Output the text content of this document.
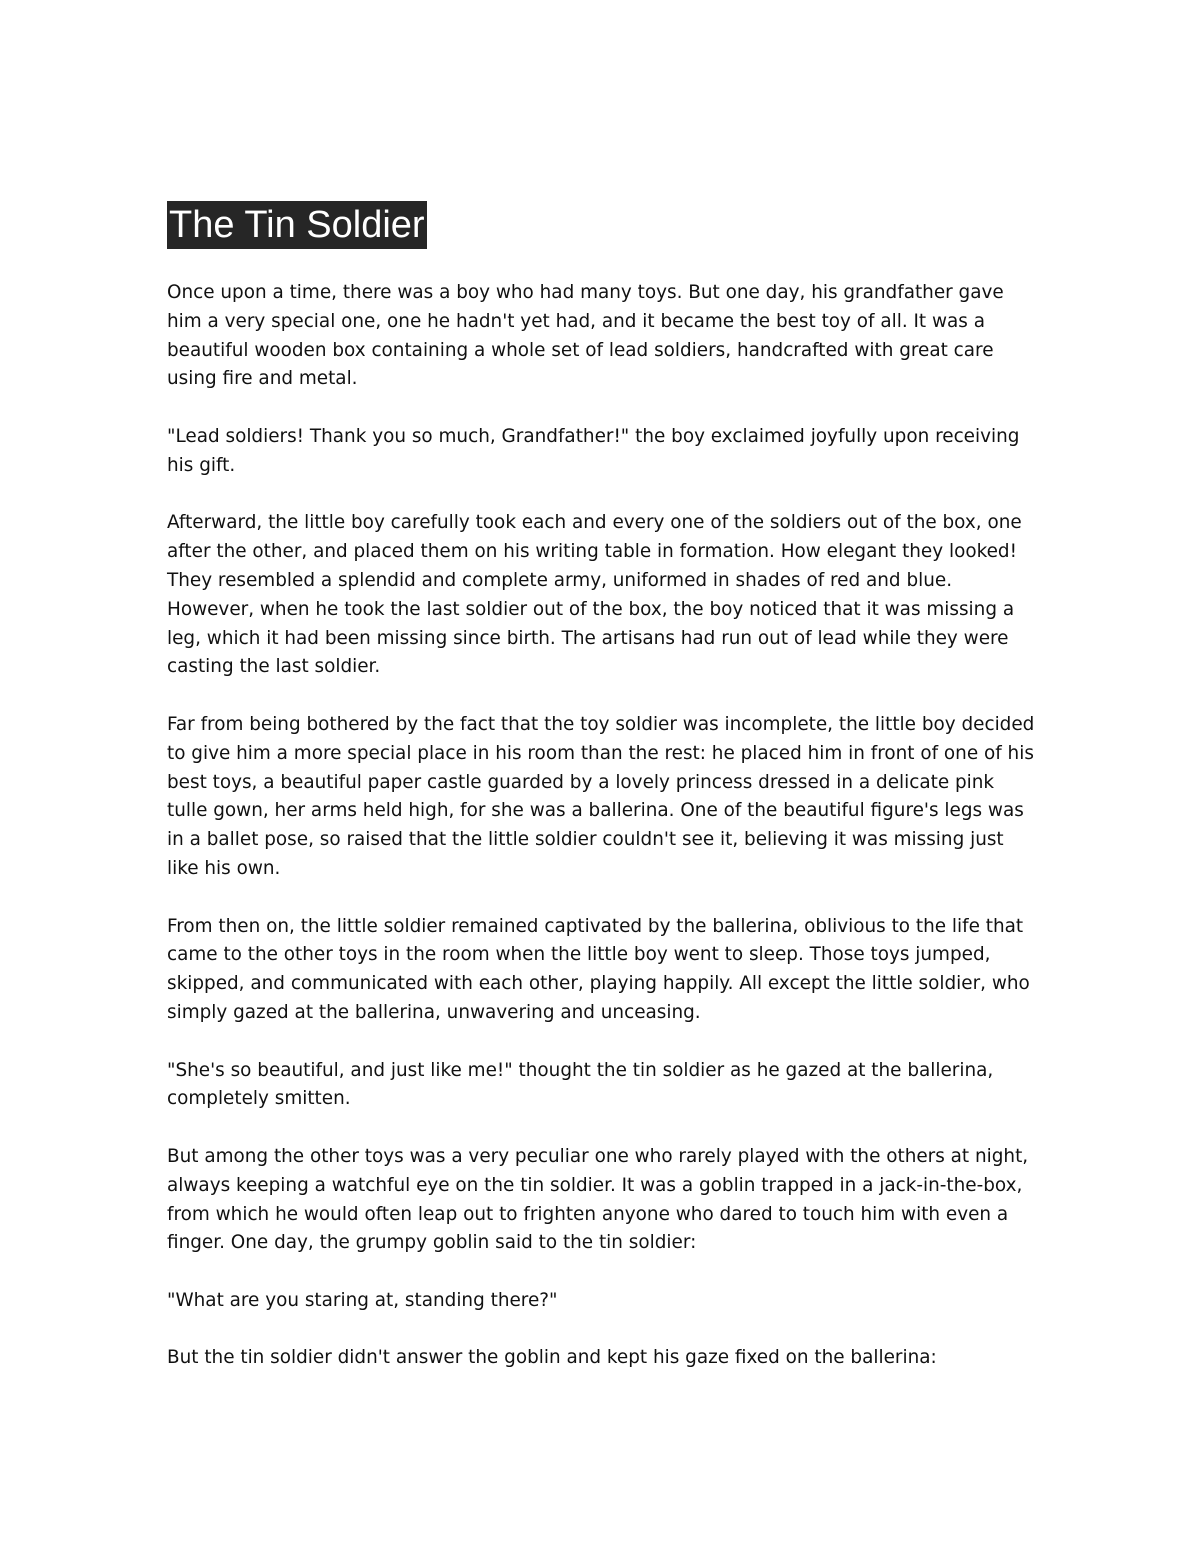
The Tin Soldier

Once upon a time, there was a boy who had many toys. But one day, his grandfather gave him a very special one, one he hadn't yet had, and it became the best toy of all. It was a beautiful wooden box containing a whole set of lead soldiers, handcrafted with great care using fire and metal.

"Lead soldiers! Thank you so much, Grandfather!" the boy exclaimed joyfully upon receiving his gift.

Afterward, the little boy carefully took each and every one of the soldiers out of the box, one after the other, and placed them on his writing table in formation. How elegant they looked! They resembled a splendid and complete army, uniformed in shades of red and blue. However, when he took the last soldier out of the box, the boy noticed that it was missing a leg, which it had been missing since birth. The artisans had run out of lead while they were casting the last soldier.

Far from being bothered by the fact that the toy soldier was incomplete, the little boy decided to give him a more special place in his room than the rest: he placed him in front of one of his best toys, a beautiful paper castle guarded by a lovely princess dressed in a delicate pink tulle gown, her arms held high, for she was a ballerina. One of the beautiful figure's legs was in a ballet pose, so raised that the little soldier couldn't see it, believing it was missing just like his own.

From then on, the little soldier remained captivated by the ballerina, oblivious to the life that came to the other toys in the room when the little boy went to sleep. Those toys jumped, skipped, and communicated with each other, playing happily. All except the little soldier, who simply gazed at the ballerina, unwavering and unceasing.

"She's so beautiful, and just like me!" thought the tin soldier as he gazed at the ballerina, completely smitten.

But among the other toys was a very peculiar one who rarely played with the others at night, always keeping a watchful eye on the tin soldier. It was a goblin trapped in a jack-in-the-box, from which he would often leap out to frighten anyone who dared to touch him with even a finger. One day, the grumpy goblin said to the tin soldier:

"What are you staring at, standing there?"

But the tin soldier didn't answer the goblin and kept his gaze fixed on the ballerina:
